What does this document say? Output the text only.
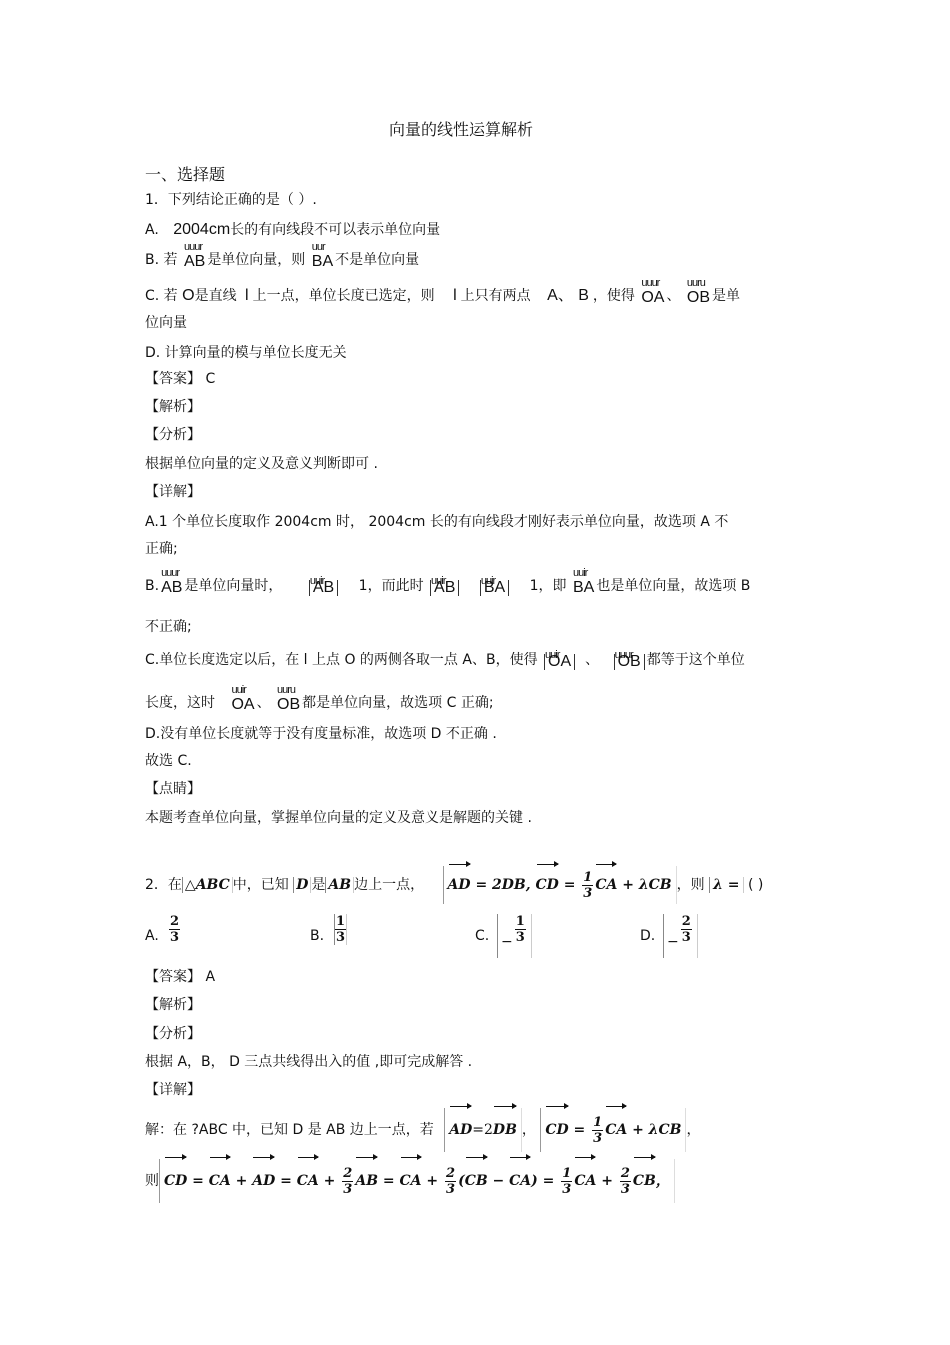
向量的线性运算解析
一、选择题
1．下列结论正确的是（ ）.
A. 2004cm长的有向线段不可以表示单位向量
B. 若 uuur AB 是单位向量，则 uur BA 不是单位向量
C. 若 O是直线 l 上一点，单位长度已选定，则 l 上只有两点 A、 B ，使得 uuur OA 、 uuru OB 是单
位向量
D. 计算向量的模与单位长度无关
【答案】 C
【解析】
【分析】
根据单位向量的定义及意义判断即可 .
【详解】
A.1 个单位长度取作 2004cm 时， 2004cm 长的有向线段才刚好表示单位向量，故选项 A 不
正确;
B. uuur AB 是单位向量时， uuir AB 1，而此时 uuir AB uuir BA 1，即 uuir BA 也是单位向量，故选项 B
不正确;
C.单位长度选定以后，在 l 上点 O 的两侧各取一点 A、B，使得 uuir OA 、 uuur OB 都等于这个单位
长度，这时 uuir OA 、 uuru OB 都是单位向量，故选项 C 正确;
D.没有单位长度就等于没有度量标准，故选项 D 不正确 .
故选 C.
【点睛】
本题考查单位向量，掌握单位向量的定义及意义是解题的关键 .
2．在 △ABC 中，已知 D 是 AB 边上一点， AD = 2DB, CD = $\frac{1}{3}$ CA + λCB ，则 λ = ( )
A. $\frac{2}{3}$	B. $\frac{1}{3}$	C. − $\frac{1}{3}$	D. − $\frac{2}{3}$
【答案】 A
【解析】
【分析】
根据 A，B， D 三点共线得出入的值 ,即可完成解答 .
【详解】
解：在 ?ABC 中，已知 D 是 AB 边上一点，若 AD=2DB ， CD = $\frac{1}{3}$ CA + λCB ，
则 CD = CA + AD = CA + $\frac{2}{3}$ AB = CA + $\frac{2}{3} (CB - CA) = \frac{1}{3}$ CA + $\frac{2}{3}$ CB，
